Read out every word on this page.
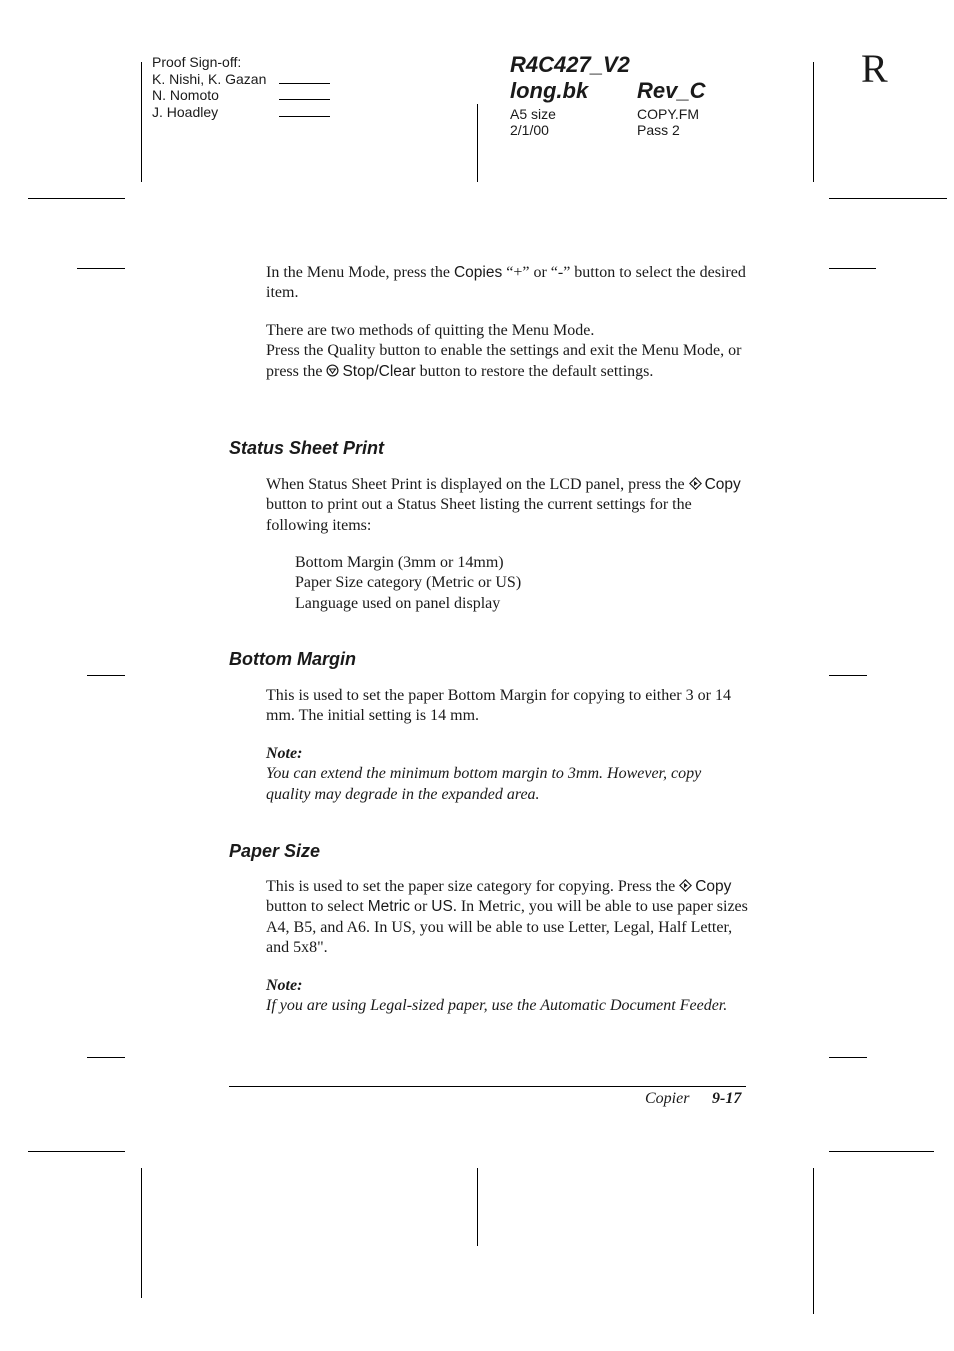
Proof Sign-off:
K. Nishi, K. Gazan
N. Nomoto
J. Hoadley
R4C427_V2
long.bk Rev_C
A5 size
2/1/00
COPY.FM
Pass 2
R
In the Menu Mode, press the Copies “+” or “-” button to select the desired item.
There are two methods of quitting the Menu Mode.
Press the Quality button to enable the settings and exit the Menu Mode, or press the Stop/Clear button to restore the default settings.
Status Sheet Print
When Status Sheet Print is displayed on the LCD panel, press the Copy button to print out a Status Sheet listing the current settings for the following items:
Bottom Margin (3mm or 14mm)
Paper Size category (Metric or US)
Language used on panel display
Bottom Margin
This is used to set the paper Bottom Margin for copying to either 3 or 14 mm. The initial setting is 14 mm.
Note:
You can extend the minimum bottom margin to 3mm. However, copy quality may degrade in the expanded area.
Paper Size
This is used to set the paper size category for copying. Press the Copy button to select Metric or US. In Metric, you will be able to use paper sizes A4, B5, and A6. In US, you will be able to use Letter, Legal, Half Letter, and 5x8".
Note:
If you are using Legal-sized paper, use the Automatic Document Feeder.
Copier 9-17
